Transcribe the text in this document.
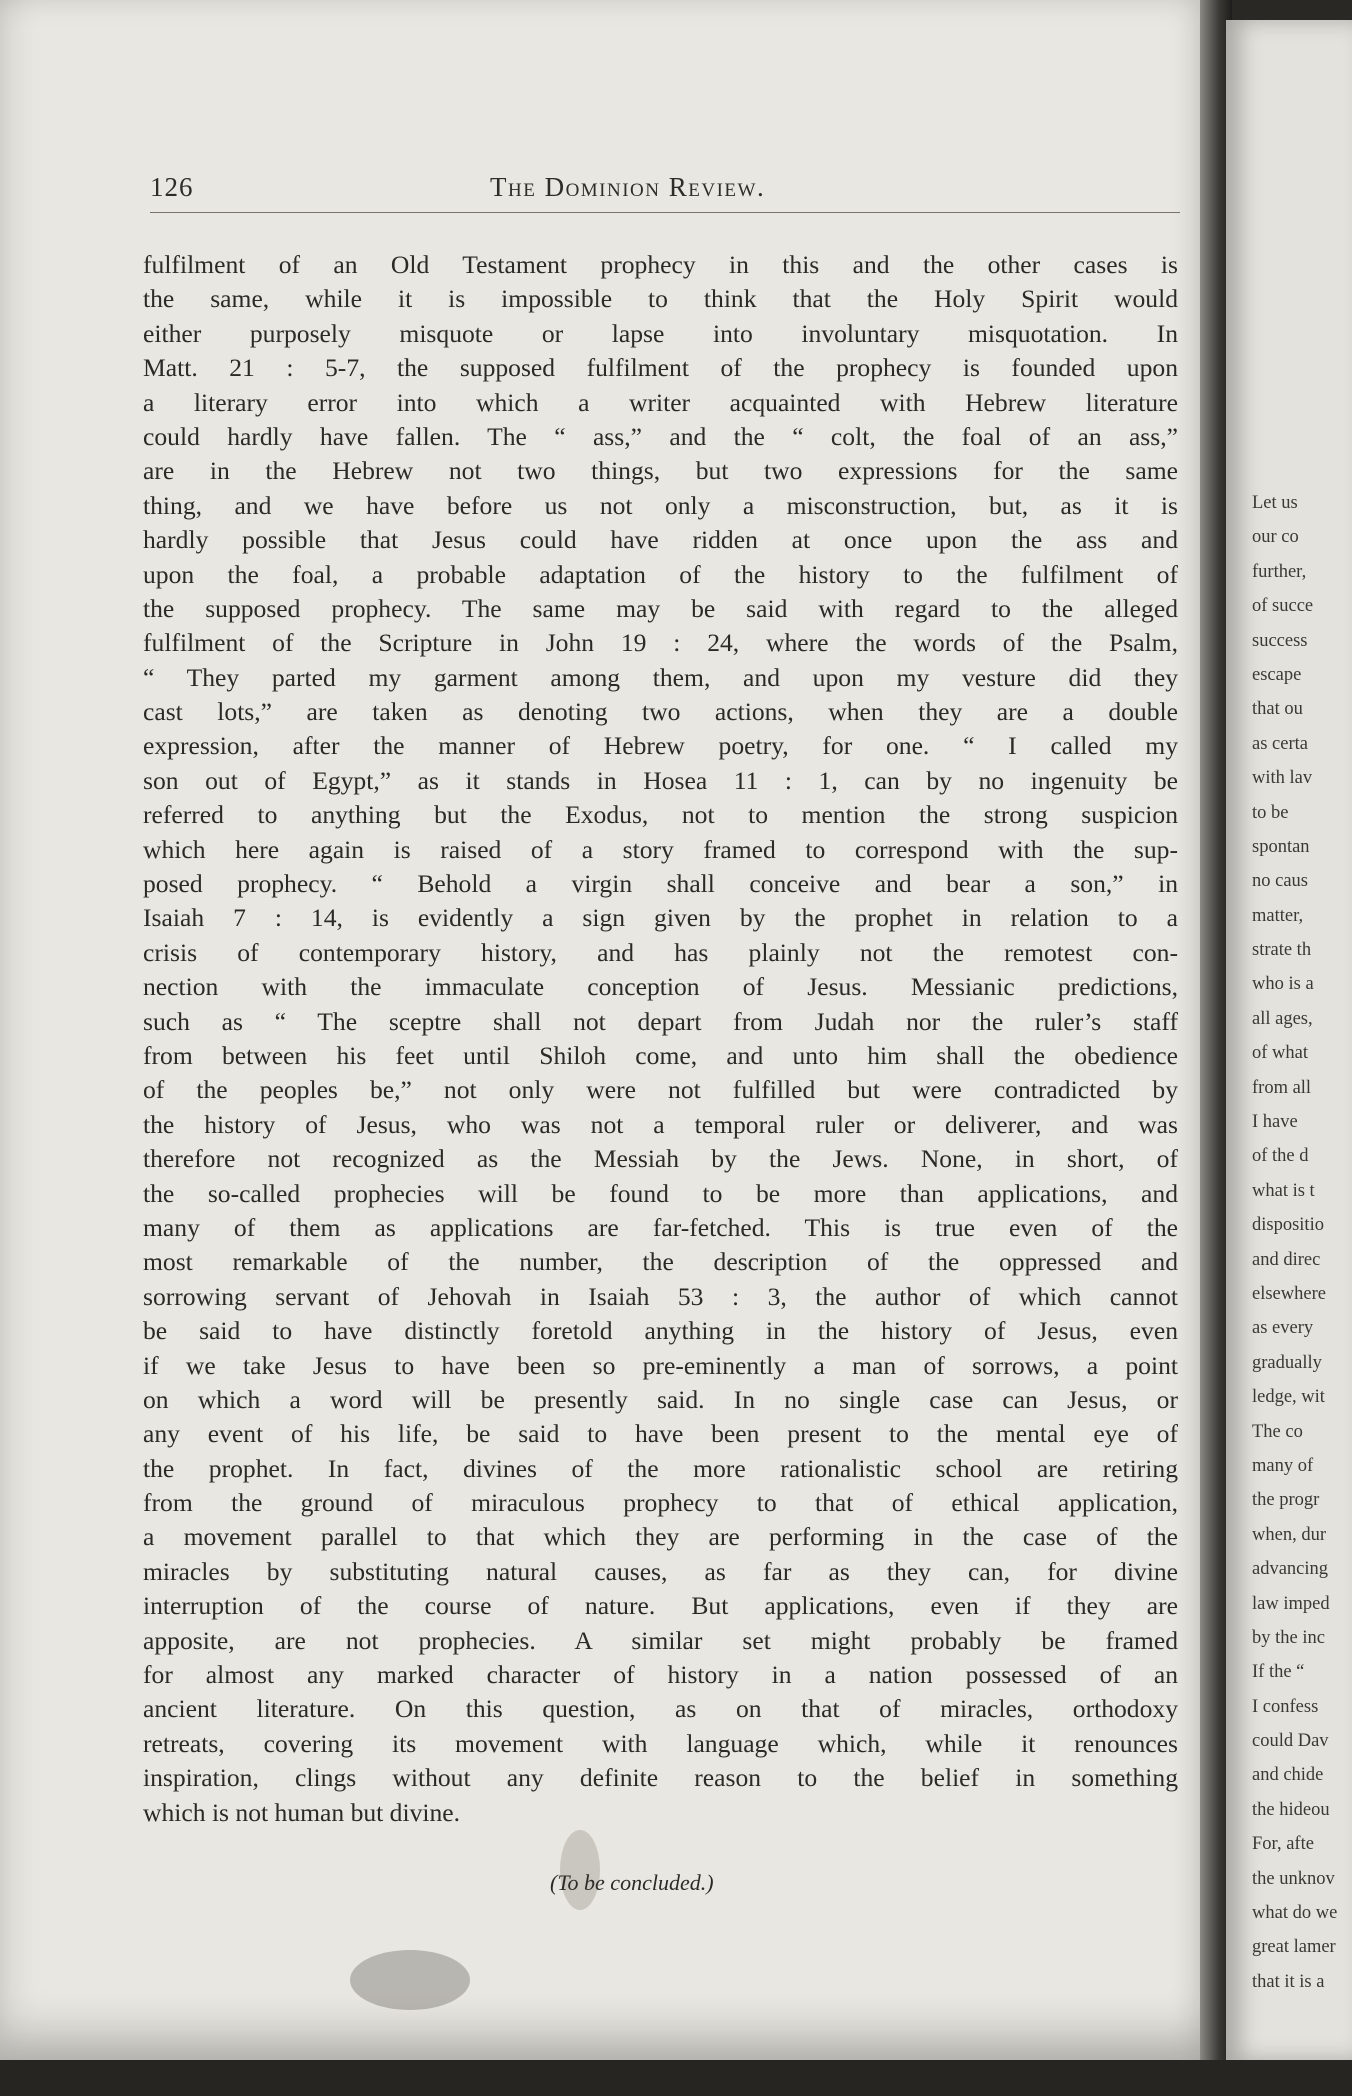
126	The Dominion Review.
fulfilment of an Old Testament prophecy in this and the other cases is
the same, while it is impossible to think that the Holy Spirit would
either purposely misquote or lapse into involuntary misquotation. In
Matt. 21 : 5-7, the supposed fulfilment of the prophecy is founded upon
a literary error into which a writer acquainted with Hebrew literature
could hardly have fallen. The “ ass,” and the “ colt, the foal of an ass,”
are in the Hebrew not two things, but two expressions for the same
thing, and we have before us not only a misconstruction, but, as it is
hardly possible that Jesus could have ridden at once upon the ass and
upon the foal, a probable adaptation of the history to the fulfilment of
the supposed prophecy. The same may be said with regard to the alleged
fulfilment of the Scripture in John 19 : 24, where the words of the Psalm,
“ They parted my garment among them, and upon my vesture did they
cast lots,” are taken as denoting two actions, when they are a double
expression, after the manner of Hebrew poetry, for one. “ I called my
son out of Egypt,” as it stands in Hosea 11 : 1, can by no ingenuity be
referred to anything but the Exodus, not to mention the strong suspicion
which here again is raised of a story framed to correspond with the sup-
posed prophecy. “ Behold a virgin shall conceive and bear a son,” in
Isaiah 7 : 14, is evidently a sign given by the prophet in relation to a
crisis of contemporary history, and has plainly not the remotest con-
nection with the immaculate conception of Jesus. Messianic predictions,
such as “ The sceptre shall not depart from Judah nor the ruler’s staff
from between his feet until Shiloh come, and unto him shall the obedience
of the peoples be,” not only were not fulfilled but were contradicted by
the history of Jesus, who was not a temporal ruler or deliverer, and was
therefore not recognized as the Messiah by the Jews. None, in short, of
the so-called prophecies will be found to be more than applications, and
many of them as applications are far-fetched. This is true even of the
most remarkable of the number, the description of the oppressed and
sorrowing servant of Jehovah in Isaiah 53 : 3, the author of which cannot
be said to have distinctly foretold anything in the history of Jesus, even
if we take Jesus to have been so pre-eminently a man of sorrows, a point
on which a word will be presently said. In no single case can Jesus, or
any event of his life, be said to have been present to the mental eye of
the prophet. In fact, divines of the more rationalistic school are retiring
from the ground of miraculous prophecy to that of ethical application,
a movement parallel to that which they are performing in the case of the
miracles by substituting natural causes, as far as they can, for divine
interruption of the course of nature. But applications, even if they are
apposite, are not prophecies. A similar set might probably be framed
for almost any marked character of history in a nation possessed of an
ancient literature. On this question, as on that of miracles, orthodoxy
retreats, covering its movement with language which, while it renounces
inspiration, clings without any definite reason to the belief in something
which is not human but divine.
(To be concluded.)
Let us
our co
further,
of succe
success
escape
that ou
as certa
with lav
to be
spontan
no caus
matter,
strate th
who is a
all ages,
of what
from all
I have
of the d
what is t
dispositio
and direc
elsewhere
as every
gradually
ledge, wit
The co
many of
the progr
when, dur
advancing
law imped
by the inc
If the “
I confess
could Dav
and chide
the hideou
For, afte
the unknov
what do we
great lamer
that it is a
